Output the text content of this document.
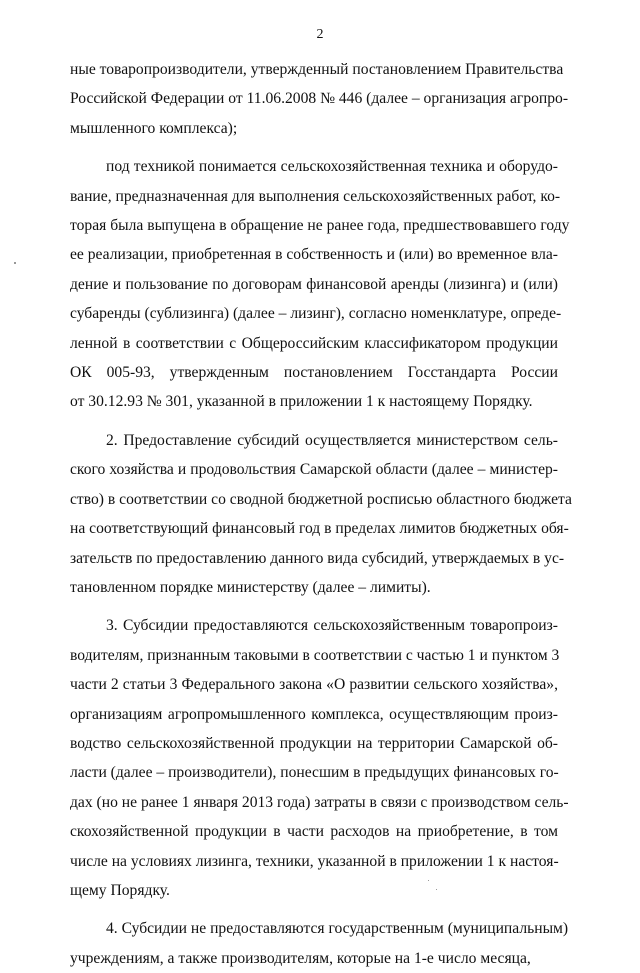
2

ные товаропроизводители, утвержденный постановлением Правительства
Российской Федерации от 11.06.2008 № 446 (далее – организация агропро-
мышленного комплекса);

под техникой понимается сельскохозяйственная техника и оборудо-
вание, предназначенная для выполнения сельскохозяйственных работ, ко-
торая была выпущена в обращение не ранее года, предшествовавшего году
ее реализации, приобретенная в собственность и (или) во временное вла-
дение и пользование по договорам финансовой аренды (лизинга) и (или)
субаренды (сублизинга) (далее – лизинг), согласно номенклатуре, опреде-
ленной в соответствии с Общероссийским классификатором продукции
ОК 005-93, утвержденным постановлением Госстандарта России
от 30.12.93 № 301, указанной в приложении 1 к настоящему Порядку.

2. Предоставление субсидий осуществляется министерством сель-
ского хозяйства и продовольствия Самарской области (далее – министер-
ство) в соответствии со сводной бюджетной росписью областного бюджета
на соответствующий финансовый год в пределах лимитов бюджетных обя-
зательств по предоставлению данного вида субсидий, утверждаемых в ус-
тановленном порядке министерству (далее – лимиты).

3. Субсидии предоставляются сельскохозяйственным товаропроиз-
водителям, признанным таковыми в соответствии с частью 1 и пунктом 3
части 2 статьи 3 Федерального закона «О развитии сельского хозяйства»,
организациям агропромышленного комплекса, осуществляющим произ-
водство сельскохозяйственной продукции на территории Самарской об-
ласти (далее – производители), понесшим в предыдущих финансовых го-
дах (но не ранее 1 января 2013 года) затраты в связи с производством сель-
скохозяйственной продукции в части расходов на приобретение, в том
числе на условиях лизинга, техники, указанной в приложении 1 к настоя-
щему Порядку.

4. Субсидии не предоставляются государственным (муниципальным)
учреждениям, а также производителям, которые на 1-е число месяца,
